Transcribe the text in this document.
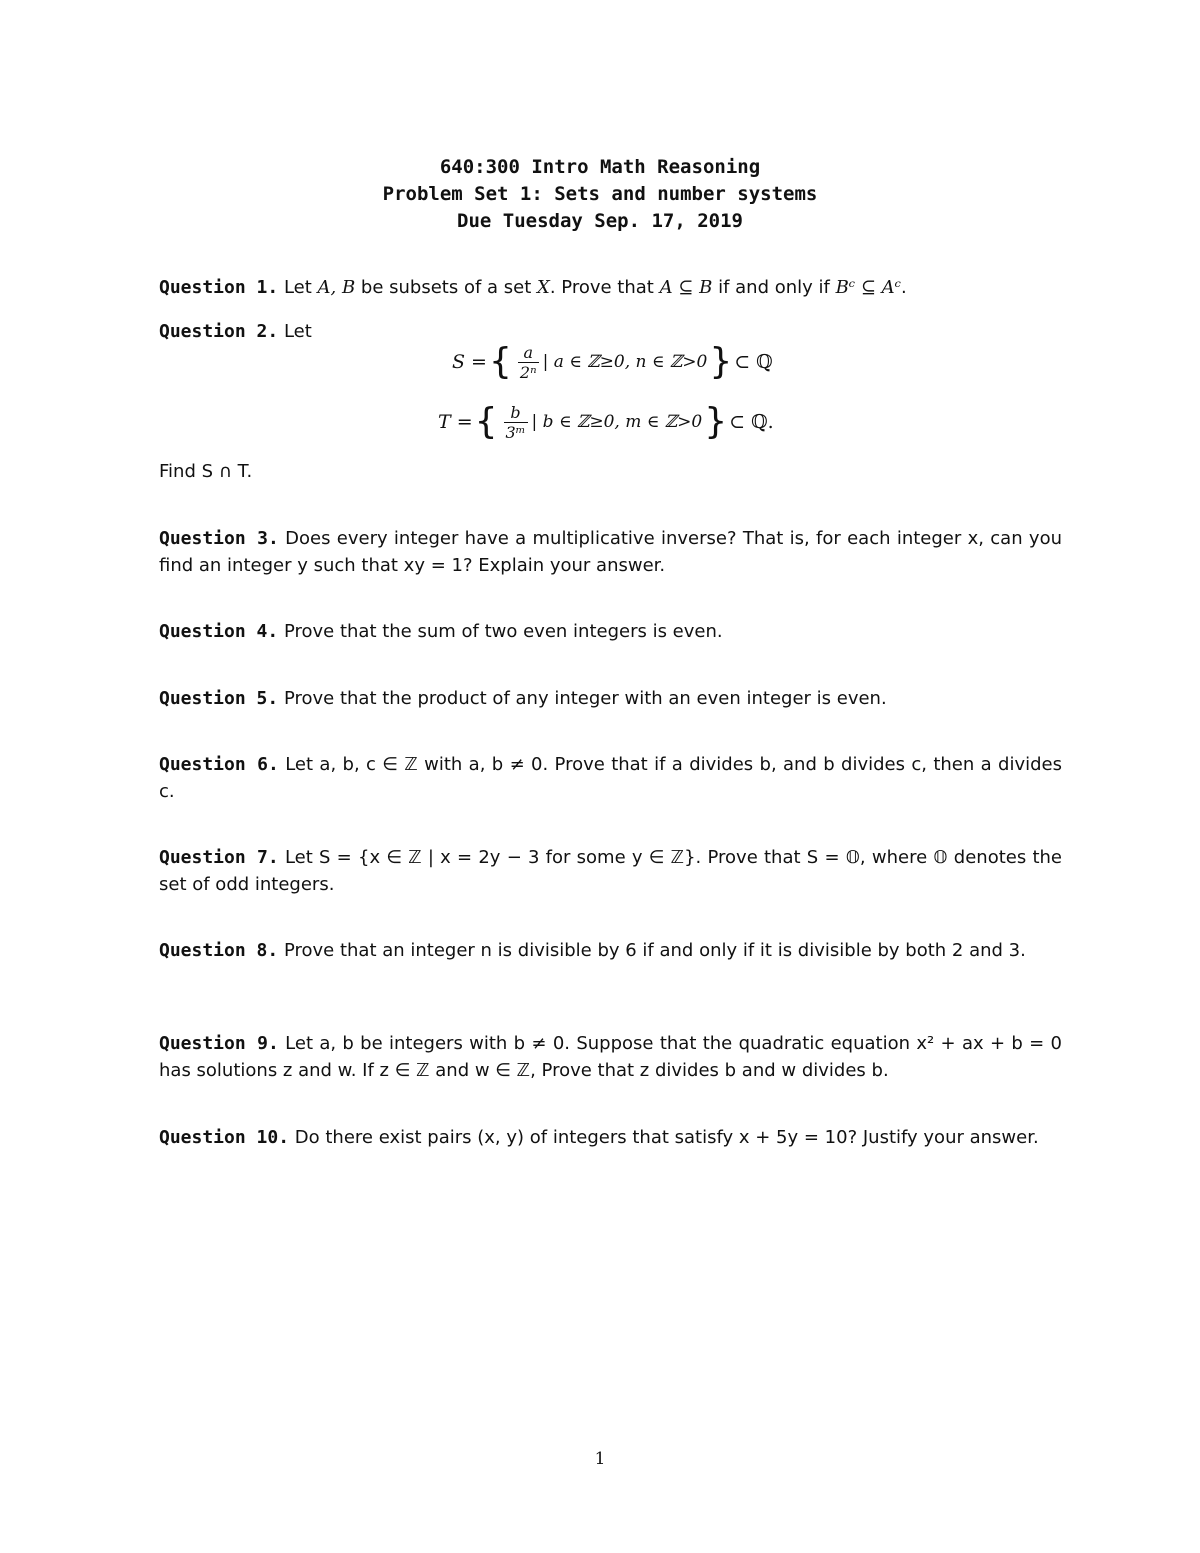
640:300 Intro Math Reasoning
Problem Set 1: Sets and number systems
Due Tuesday Sep. 17, 2019
Question 1. Let A, B be subsets of a set X. Prove that A ⊆ B if and only if Bᶜ ⊆ Aᶜ.
Question 2. Let
S = { $\frac{a}{\text{2ⁿ}}$ | a ∈ ℤ≥0, n ∈ ℤ>0 } ⊂ ℚ
T = { $\frac{b}{\text{3ᵐ}}$ | b ∈ ℤ≥0, m ∈ ℤ>0 } ⊂ ℚ.
Find S ∩ T.
Question 3. Does every integer have a multiplicative inverse? That is, for each integer x, can you find an integer y such that xy = 1? Explain your answer.
Question 4. Prove that the sum of two even integers is even.
Question 5. Prove that the product of any integer with an even integer is even.
Question 6. Let a, b, c ∈ ℤ with a, b ≠ 0. Prove that if a divides b, and b divides c, then a divides c.
Question 7. Let S = {x ∈ ℤ | x = 2y − 3 for some y ∈ ℤ}. Prove that S = 𝕆, where 𝕆 denotes the set of odd integers.
Question 8. Prove that an integer n is divisible by 6 if and only if it is divisible by both 2 and 3.
Question 9. Let a, b be integers with b ≠ 0. Suppose that the quadratic equation x² + ax + b = 0 has solutions z and w. If z ∈ ℤ and w ∈ ℤ, Prove that z divides b and w divides b.
Question 10. Do there exist pairs (x, y) of integers that satisfy x + 5y = 10? Justify your answer.
1
